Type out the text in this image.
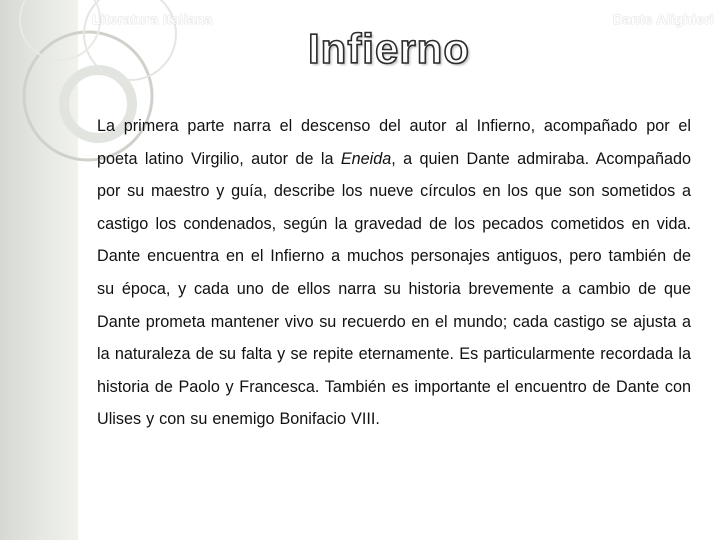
Literatura Italiana	Dante Alighieri
Infierno

La primera parte narra el descenso del autor al Infierno, acompañado por el poeta latino Virgilio, autor de la Eneida, a quien Dante admiraba. Acompañado por su maestro y guía, describe los nueve círculos en los que son sometidos a castigo los condenados, según la gravedad de los pecados cometidos en vida. Dante encuentra en el Infierno a muchos personajes antiguos, pero también de su época, y cada uno de ellos narra su historia brevemente a cambio de que Dante prometa mantener vivo su recuerdo en el mundo; cada castigo se ajusta a la naturaleza de su falta y se repite eternamente. Es particularmente recordada la historia de Paolo y Francesca. También es importante el encuentro de Dante con Ulises y con su enemigo Bonifacio VIII.
